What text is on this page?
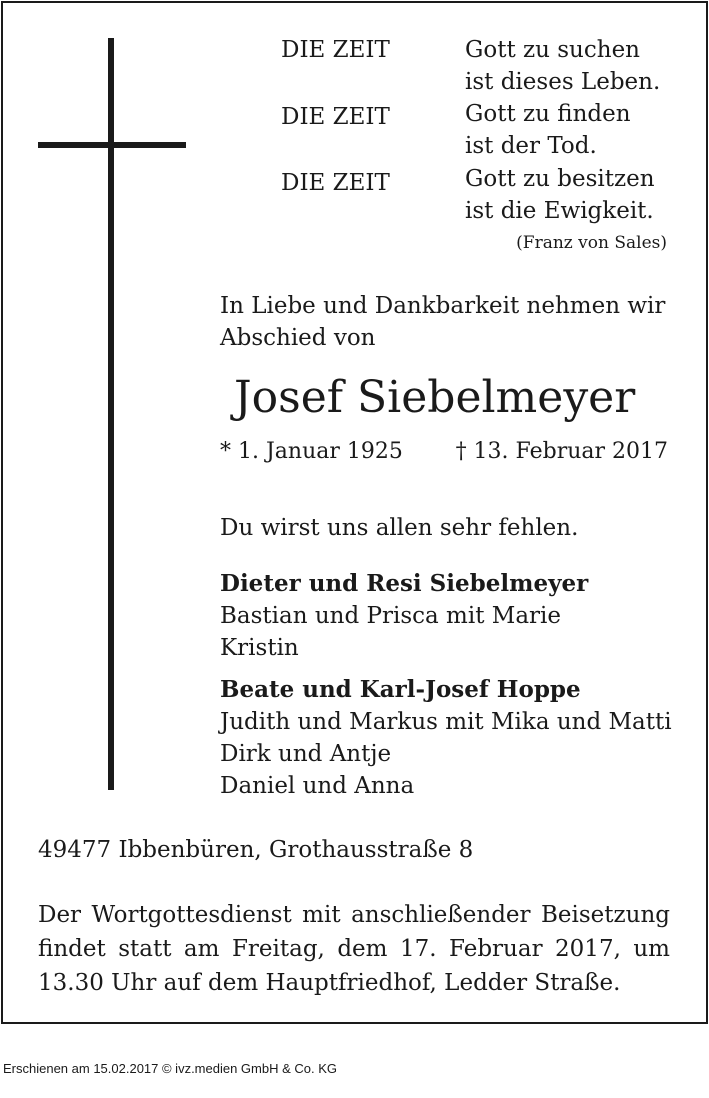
DIE ZEIT	Gott zu suchen
ist dieses Leben.
DIE ZEIT	Gott zu finden
ist der Tod.
DIE ZEIT	Gott zu besitzen
ist die Ewigkeit.
(Franz von Sales)
In Liebe und Dankbarkeit nehmen wir
Abschied von
Josef Siebelmeyer
* 1. Januar 1925 † 13. Februar 2017
Du wirst uns allen sehr fehlen.
Dieter und Resi Siebelmeyer
Bastian und Prisca mit Marie
Kristin
Beate und Karl-Josef Hoppe
Judith und Markus mit Mika und Matti
Dirk und Antje
Daniel und Anna
49477 Ibbenbüren, Grothausstraße 8
Der Wortgottesdienst mit anschließender Beisetzung findet statt am Freitag, dem 17. Februar 2017, um 13.30 Uhr auf dem Hauptfriedhof, Ledder Straße.
Erschienen am 15.02.2017 © ivz.medien GmbH & Co. KG
